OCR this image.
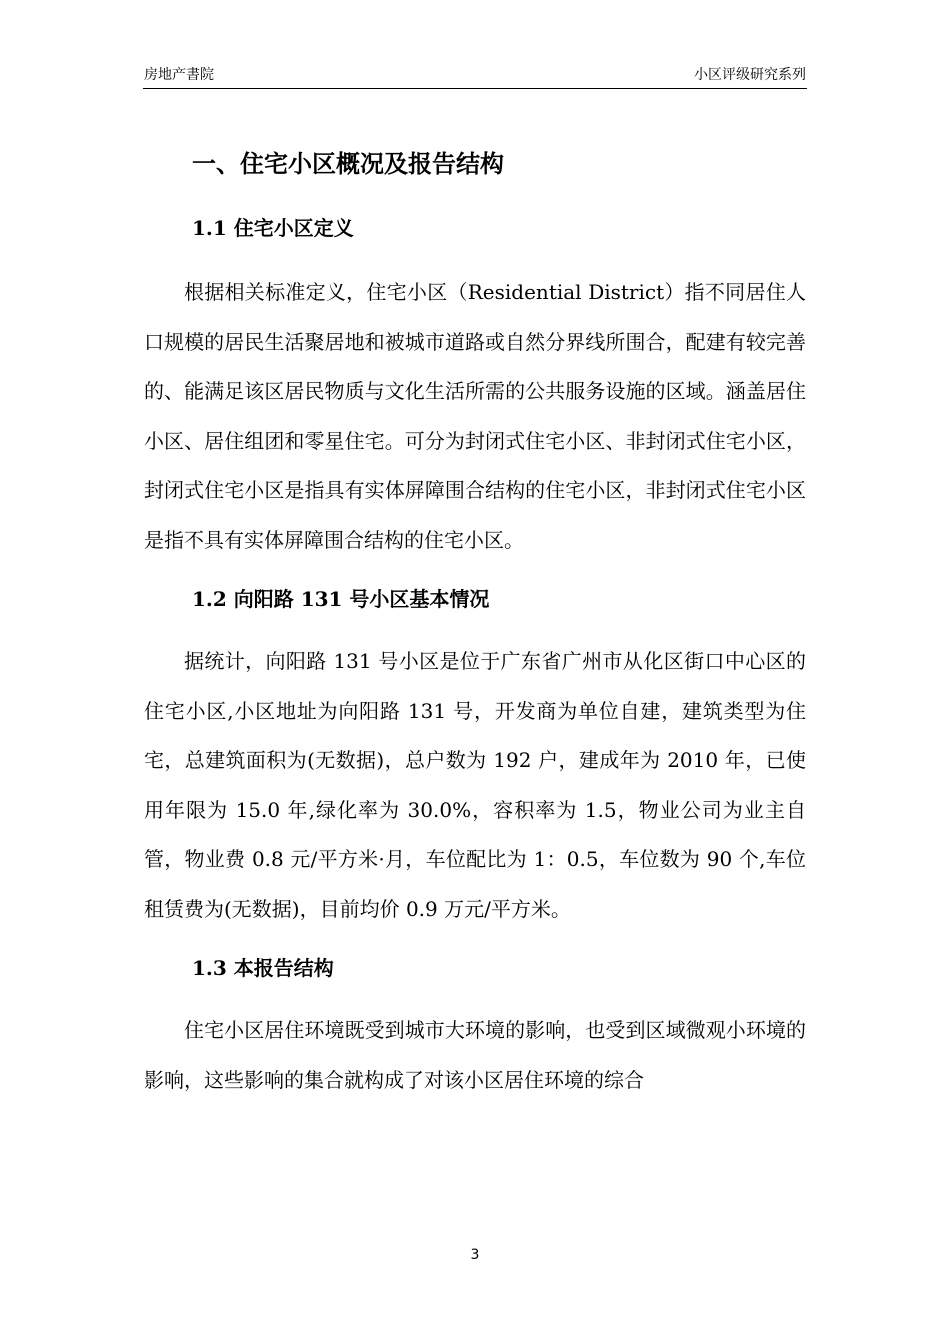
房地产書院	小区评级研究系列
一、住宅小区概况及报告结构
1.1 住宅小区定义

根据相关标准定义，住宅小区（Residential District）指不同居住人口规模的居民生活聚居地和被城市道路或自然分界线所围合，配建有较完善的、能满足该区居民物质与文化生活所需的公共服务设施的区域。涵盖居住小区、居住组团和零星住宅。可分为封闭式住宅小区、非封闭式住宅小区，封闭式住宅小区是指具有实体屏障围合结构的住宅小区，非封闭式住宅小区是指不具有实体屏障围合结构的住宅小区。

1.2 向阳路 131 号小区基本情况

据统计，向阳路 131 号小区是位于广东省广州市从化区街口中心区的住宅小区,小区地址为向阳路 131 号，开发商为单位自建，建筑类型为住宅，总建筑面积为(无数据)，总户数为 192 户，建成年为 2010 年，已使用年限为 15.0 年,绿化率为 30.0%，容积率为 1.5，物业公司为业主自管，物业费 0.8 元/平方米·月，车位配比为 1：0.5，车位数为 90 个,车位租赁费为(无数据)，目前均价 0.9 万元/平方米。

1.3 本报告结构

住宅小区居住环境既受到城市大环境的影响，也受到区域微观小环境的影响，这些影响的集合就构成了对该小区居住环境的综合

3
